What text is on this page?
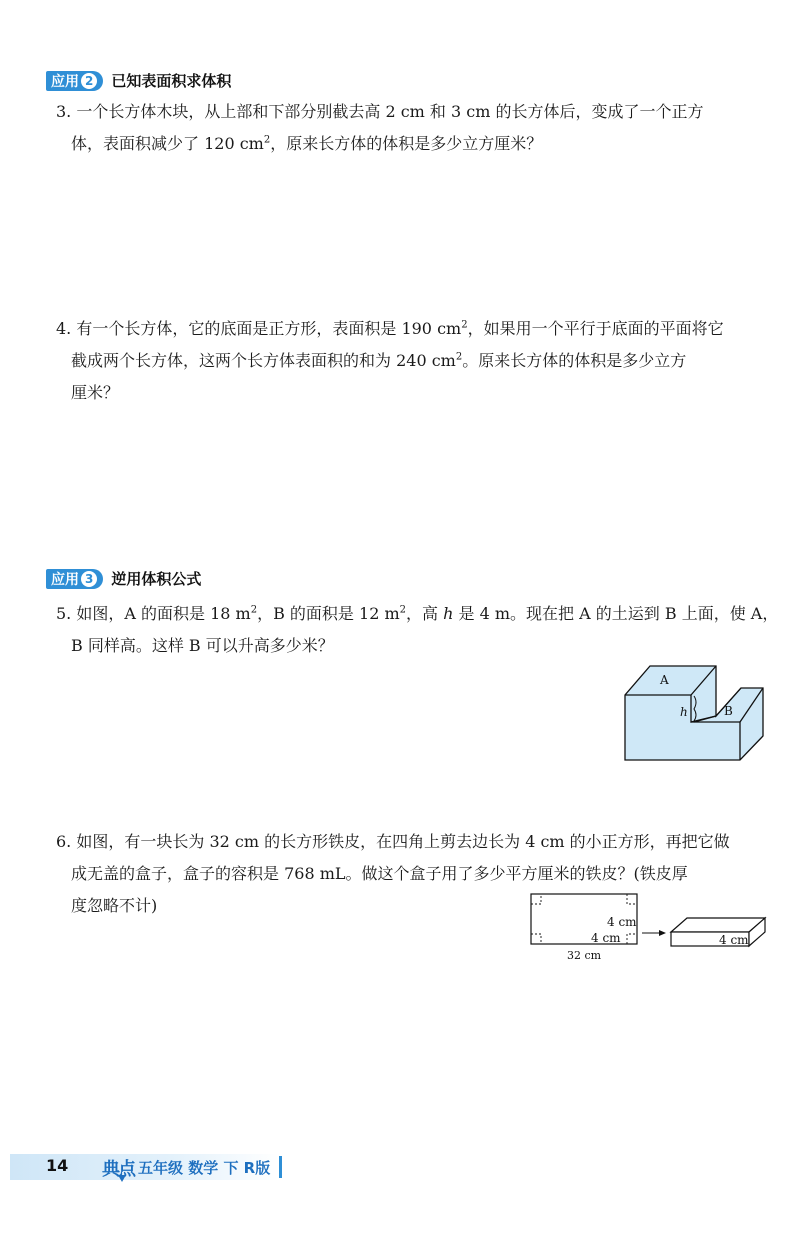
应用 2 已知表面积求体积
3. 一个长方体木块，从上部和下部分别截去高 2 cm 和 3 cm 的长方体后，变成了一个正方
体，表面积减少了 120 $cm^2$，原来长方体的体积是多少立方厘米？
4. 有一个长方体，它的底面是正方形，表面积是 190 $cm^2$，如果用一个平行于底面的平面将它
截成两个长方体，这两个长方体表面积的和为 240 $cm^2$。原来长方体的体积是多少立方
厘米？
应用 3 逆用体积公式
5. 如图，A 的面积是 18 $m^2$，B 的面积是 12 $m^2$，高 h 是 4 m。现在把 A 的土运到 B 上面，使 A，
B 同样高。这样 B 可以升高多少米？
A
B
h
6. 如图，有一块长为 32 cm 的长方形铁皮，在四角上剪去边长为 4 cm 的小正方形，再把它做
成无盖的盒子，盒子的容积是 768 mL。做这个盒子用了多少平方厘米的铁皮？(铁皮厚
度忽略不计)
4 cm
4 cm
32 cm
4 cm
14 典点 五年级 数学 下 R版
